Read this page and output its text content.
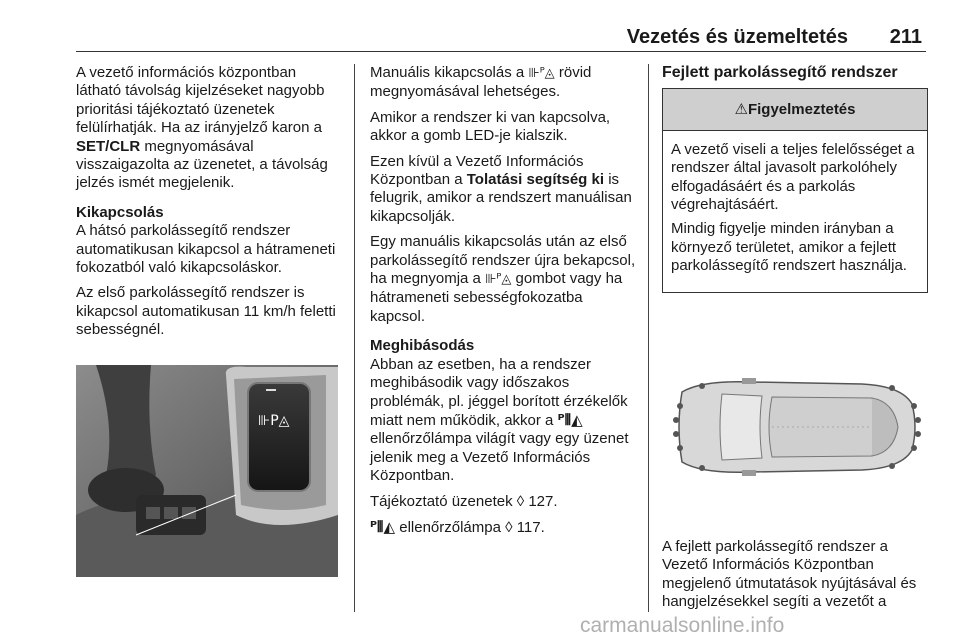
Vezetés és üzemeltetés 211

A vezető információs központban látható távolság kijelzéseket nagyobb prioritási tájékoztató üzenetek felülírhatják. Ha az irányjelző karon a SET/CLR megnyomásával visszaigazolta az üzenetet, a távolság jelzés ismét megjelenik.

Kikapcsolás

A hátsó parkolássegítő rendszer automatikusan kikapcsol a hátrameneti fokozatból való kikapcsoláskor.

Az első parkolássegítő rendszer is kikapcsol automatikusan 11 km/h feletti sebességnél.

⊪P◬

Manuális kikapcsolás a ⊪ᴾ◬ rövid megnyomásával lehetséges.

Amikor a rendszer ki van kapcsolva, akkor a gomb LED-je kialszik.

Ezen kívül a Vezető Információs Központban a Tolatási segítség ki is felugrik, amikor a rendszert manuálisan kikapcsolják.

Egy manuális kikapcsolás után az első parkolássegítő rendszer újra bekapcsol, ha megnyomja a ⊪ᴾ◬ gombot vagy ha hátrameneti sebességfokozatba kapcsol.

Meghibásodás

Abban az esetben, ha a rendszer meghibásodik vagy időszakos problémák, pl. jéggel borított érzékelők miatt nem működik, akkor a ᴾ⦀◭ ellenőrzőlámpa világít vagy egy üzenet jelenik meg a Vezető Információs Központban.

Tájékoztató üzenetek ◊ 127.

ᴾ⦀◭ ellenőrzőlámpa ◊ 117.

Fejlett parkolássegítő rendszer

⚠Figyelmeztetés

A vezető viseli a teljes felelősséget a rendszer által javasolt parkolóhely elfogadásáért és a parkolás végrehajtásáért.

Mindig figyelje minden irányban a környező területet, amikor a fejlett parkolássegítő rendszert használja.

A fejlett parkolássegítő rendszer a Vezető Információs Központban megjelenő útmutatások nyújtásával és hangjelzésekkel segíti a vezetőt a
carmanualsonline.info
